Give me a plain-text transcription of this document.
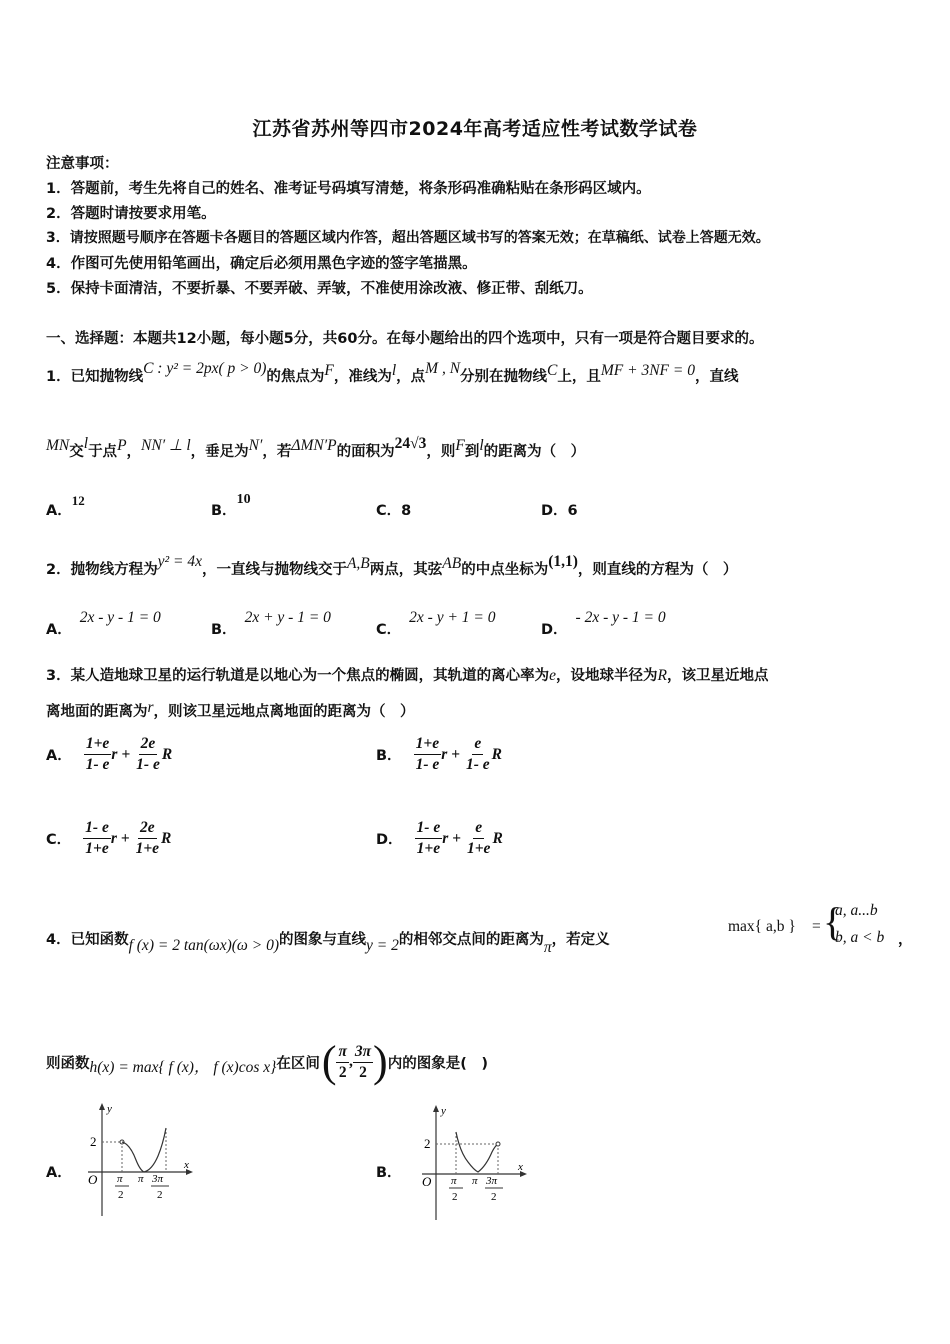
江苏省苏州等四市2024年高考适应性考试数学试卷
注意事项：
1．答题前，考生先将自己的姓名、准考证号码填写清楚，将条形码准确粘贴在条形码区域内。
2．答题时请按要求用笔。
3．请按照题号顺序在答题卡各题目的答题区域内作答，超出答题区域书写的答案无效；在草稿纸、试卷上答题无效。
4．作图可先使用铅笔画出，确定后必须用黑色字迹的签字笔描黑。
5．保持卡面清洁，不要折暴、不要弄破、弄皱，不准使用涂改液、修正带、刮纸刀。
一、选择题：本题共12小题，每小题5分，共60分。在每小题给出的四个选项中，只有一项是符合题目要求的。
1．已知抛物线C : y² = 2px( p > 0)的焦点为F，准线为l，点M , N分别在抛物线C上，且MF + 3NF = 0，直线
MN交l于点P，NN′ ⊥ l，垂足为N′，若ΔMN′P的面积为24√3，则F到l的距离为（　）
A．12
B．10
C．8	D．6
2．抛物线方程为y² = 4x，一直线与抛物线交于A,B两点，其弦AB的中点坐标为(1,1)，则直线的方程为（　）
A．2x - y - 1 = 0
B．2x + y - 1 = 0
C．2x - y + 1 = 0
D．- 2x - y - 1 = 0
3．某人造地球卫星的运行轨道是以地心为一个焦点的椭圆，其轨道的离心率为e，设地球半径为R，该卫星近地点
离地面的距离为r，则该卫星远地点离地面的距离为（　）
A． $\frac{1+e}{1- e}$ $r + \frac{2e}{1- e}$ R	B． $\frac{1+e}{1- e}$ $r + \frac{e}{1- e}$ R
C． $\frac{1- e}{1+e}$ $r + \frac{2e}{1+e}$ R	D． $\frac{1- e}{1+e}$ $r + \frac{e}{1+e}$ R
4．已知函数f (x) = 2 tan(ωx)(ω > 0)的图象与直线y = 2的相邻交点间的距离为π，若定义
max{ a,b } = {
a, a...b
b, a < b ，
则函数 h(x) = max{ f (x)， f (x)cos x} 在区间 ( $\frac{\pi}{2}$ , $\frac{3\pi}{2}$ ) 内的图象是(　)
A．
y
x
O
2
π
2
π 3π
2
B．
y
x
O
2
π
2
π 3π
2
